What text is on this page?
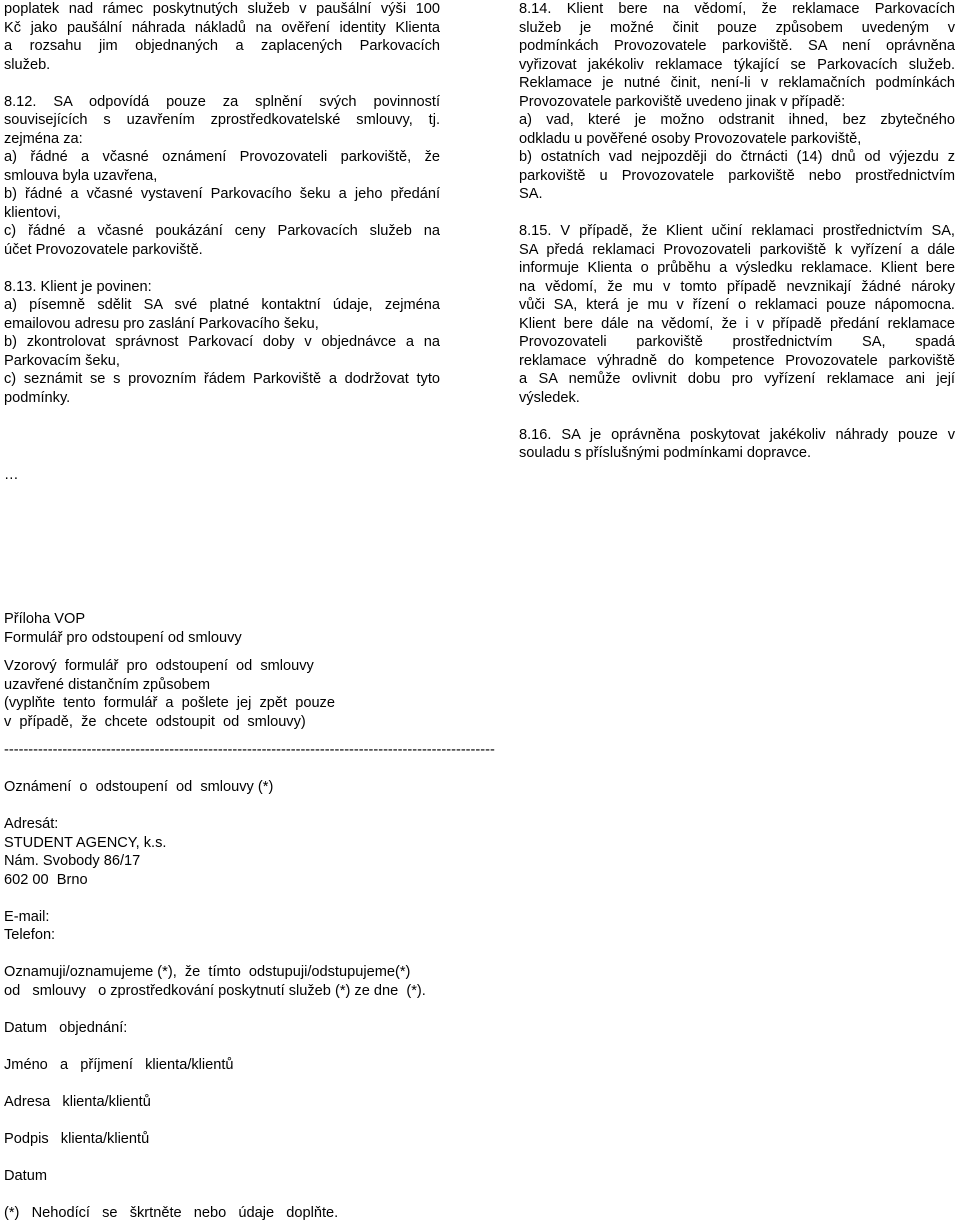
poplatek nad rámec poskytnutých služeb v paušální výši 100
Kč jako paušální náhrada nákladů na ověření identity Klienta
a rozsahu jim objednaných a zaplacených Parkovacích
služeb.
8.12. SA odpovídá pouze za splnění svých povinností
souvisejících s uzavřením zprostředkovatelské smlouvy, tj.
zejména za:
a) řádné a včasné oznámení Provozovateli parkoviště, že
smlouva byla uzavřena,
b) řádné a včasné vystavení Parkovacího šeku a jeho předání
klientovi,
c) řádné a včasné poukázání ceny Parkovacích služeb na
účet Provozovatele parkoviště.
8.13. Klient je povinen:
a) písemně sdělit SA své platné kontaktní údaje, zejména
emailovou adresu pro zaslání Parkovacího šeku,
b) zkontrolovat správnost Parkovací doby v objednávce a na
Parkovacím šeku,
c) seznámit se s provozním řádem Parkoviště a dodržovat tyto
podmínky.
…
8.14. Klient bere na vědomí, že reklamace Parkovacích
služeb je možné činit pouze způsobem uvedeným v
podmínkách Provozovatele parkoviště. SA není oprávněna
vyřizovat jakékoliv reklamace týkající se Parkovacích služeb.
Reklamace je nutné činit, není-li v reklamačních podmínkách
Provozovatele parkoviště uvedeno jinak v případě:
a) vad, které je možno odstranit ihned, bez zbytečného
odkladu u pověřené osoby Provozovatele parkoviště,
b) ostatních vad nejpozději do čtrnácti (14) dnů od výjezdu z
parkoviště u Provozovatele parkoviště nebo prostřednictvím
SA.
8.15. V případě, že Klient učiní reklamaci prostřednictvím SA,
SA předá reklamaci Provozovateli parkoviště k vyřízení a dále
informuje Klienta o průběhu a výsledku reklamace. Klient bere
na vědomí, že mu v tomto případě nevznikají žádné nároky
vůči SA, která je mu v řízení o reklamaci pouze nápomocna.
Klient bere dále na vědomí, že i v případě předání reklamace
Provozovateli parkoviště prostřednictvím SA, spadá
reklamace výhradně do kompetence Provozovatele parkoviště
a SA nemůže ovlivnit dobu pro vyřízení reklamace ani její
výsledek.
8.16. SA je oprávněna poskytovat jakékoliv náhrady pouze v
souladu s příslušnými podmínkami dopravce.
Příloha VOP
Formulář pro odstoupení od smlouvy
Vzorový  formulář  pro  odstoupení  od  smlouvy
uzavřené distančním způsobem
(vyplňte  tento  formulář  a  pošlete  jej  zpět  pouze
v  případě,  že  chcete  odstoupit  od  smlouvy)
-----------------------------------------------------------------------------------------------------
Oznámení  o  odstoupení  od  smlouvy (*)
Adresát:
STUDENT AGENCY, k.s.
Nám. Svobody 86/17
602 00  Brno
E-mail:
Telefon:
Oznamuji/oznamujeme (*),  že  tímto  odstupuji/odstupujeme(*)
od   smlouvy   o zprostředkování poskytnutí služeb (*) ze dne  (*).
Datum   objednání:
Jméno   a   příjmení   klienta/klientů
Adresa   klienta/klientů
Podpis   klienta/klientů
Datum
(*)   Nehodící   se   škrtněte   nebo   údaje   doplňte.
